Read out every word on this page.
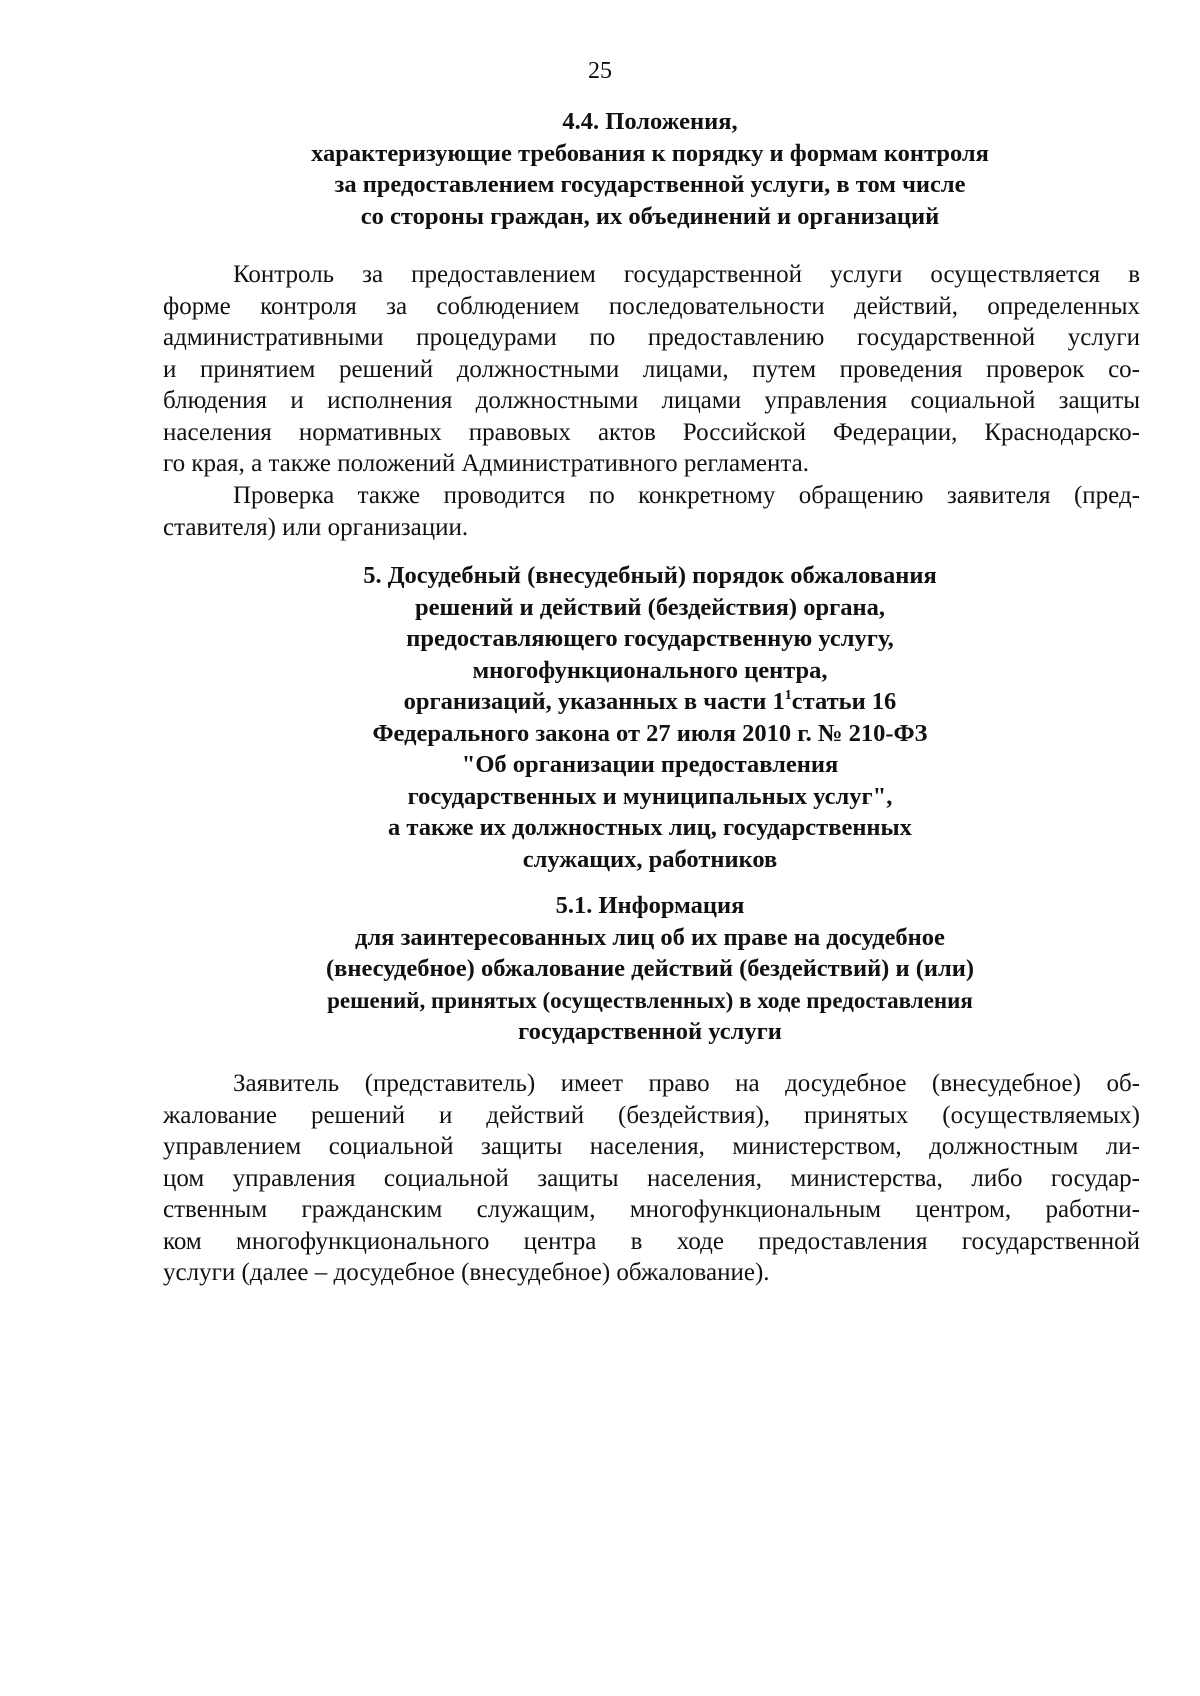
25
4.4. Положения,
характеризующие требования к порядку и формам контроля
за предоставлением государственной услуги, в том числе
со стороны граждан, их объединений и организаций
Контроль за предоставлением государственной услуги осуществляется в
форме контроля за соблюдением последовательности действий, определенных
административными процедурами по предоставлению государственной услуги
и принятием решений должностными лицами, путем проведения проверок со-
блюдения и исполнения должностными лицами управления социальной защиты
населения нормативных правовых актов Российской Федерации, Краснодарско-
го края, а также положений Административного регламента.
Проверка также проводится по конкретному обращению заявителя (пред-
ставителя) или организации.
5. Досудебный (внесудебный) порядок обжалования
решений и действий (бездействия) органа,
предоставляющего государственную услугу,
многофункционального центра,
организаций, указанных в части $1^1статьи$ 16
Федерального закона от 27 июля 2010 г. № 210-ФЗ
"Об организации предоставления
государственных и муниципальных услуг",
а также их должностных лиц, государственных
служащих, работников
5.1. Информация
для заинтересованных лиц об их праве на досудебное
(внесудебное) обжалование действий (бездействий) и (или)
решений, принятых (осуществленных) в ходе предоставления
государственной услуги
Заявитель (представитель) имеет право на досудебное (внесудебное) об-
жалование решений и действий (бездействия), принятых (осуществляемых)
управлением социальной защиты населения, министерством, должностным ли-
цом управления социальной защиты населения, министерства, либо государ-
ственным гражданским служащим, многофункциональным центром, работни-
ком многофункционального центра в ходе предоставления государственной
услуги (далее – досудебное (внесудебное) обжалование).
